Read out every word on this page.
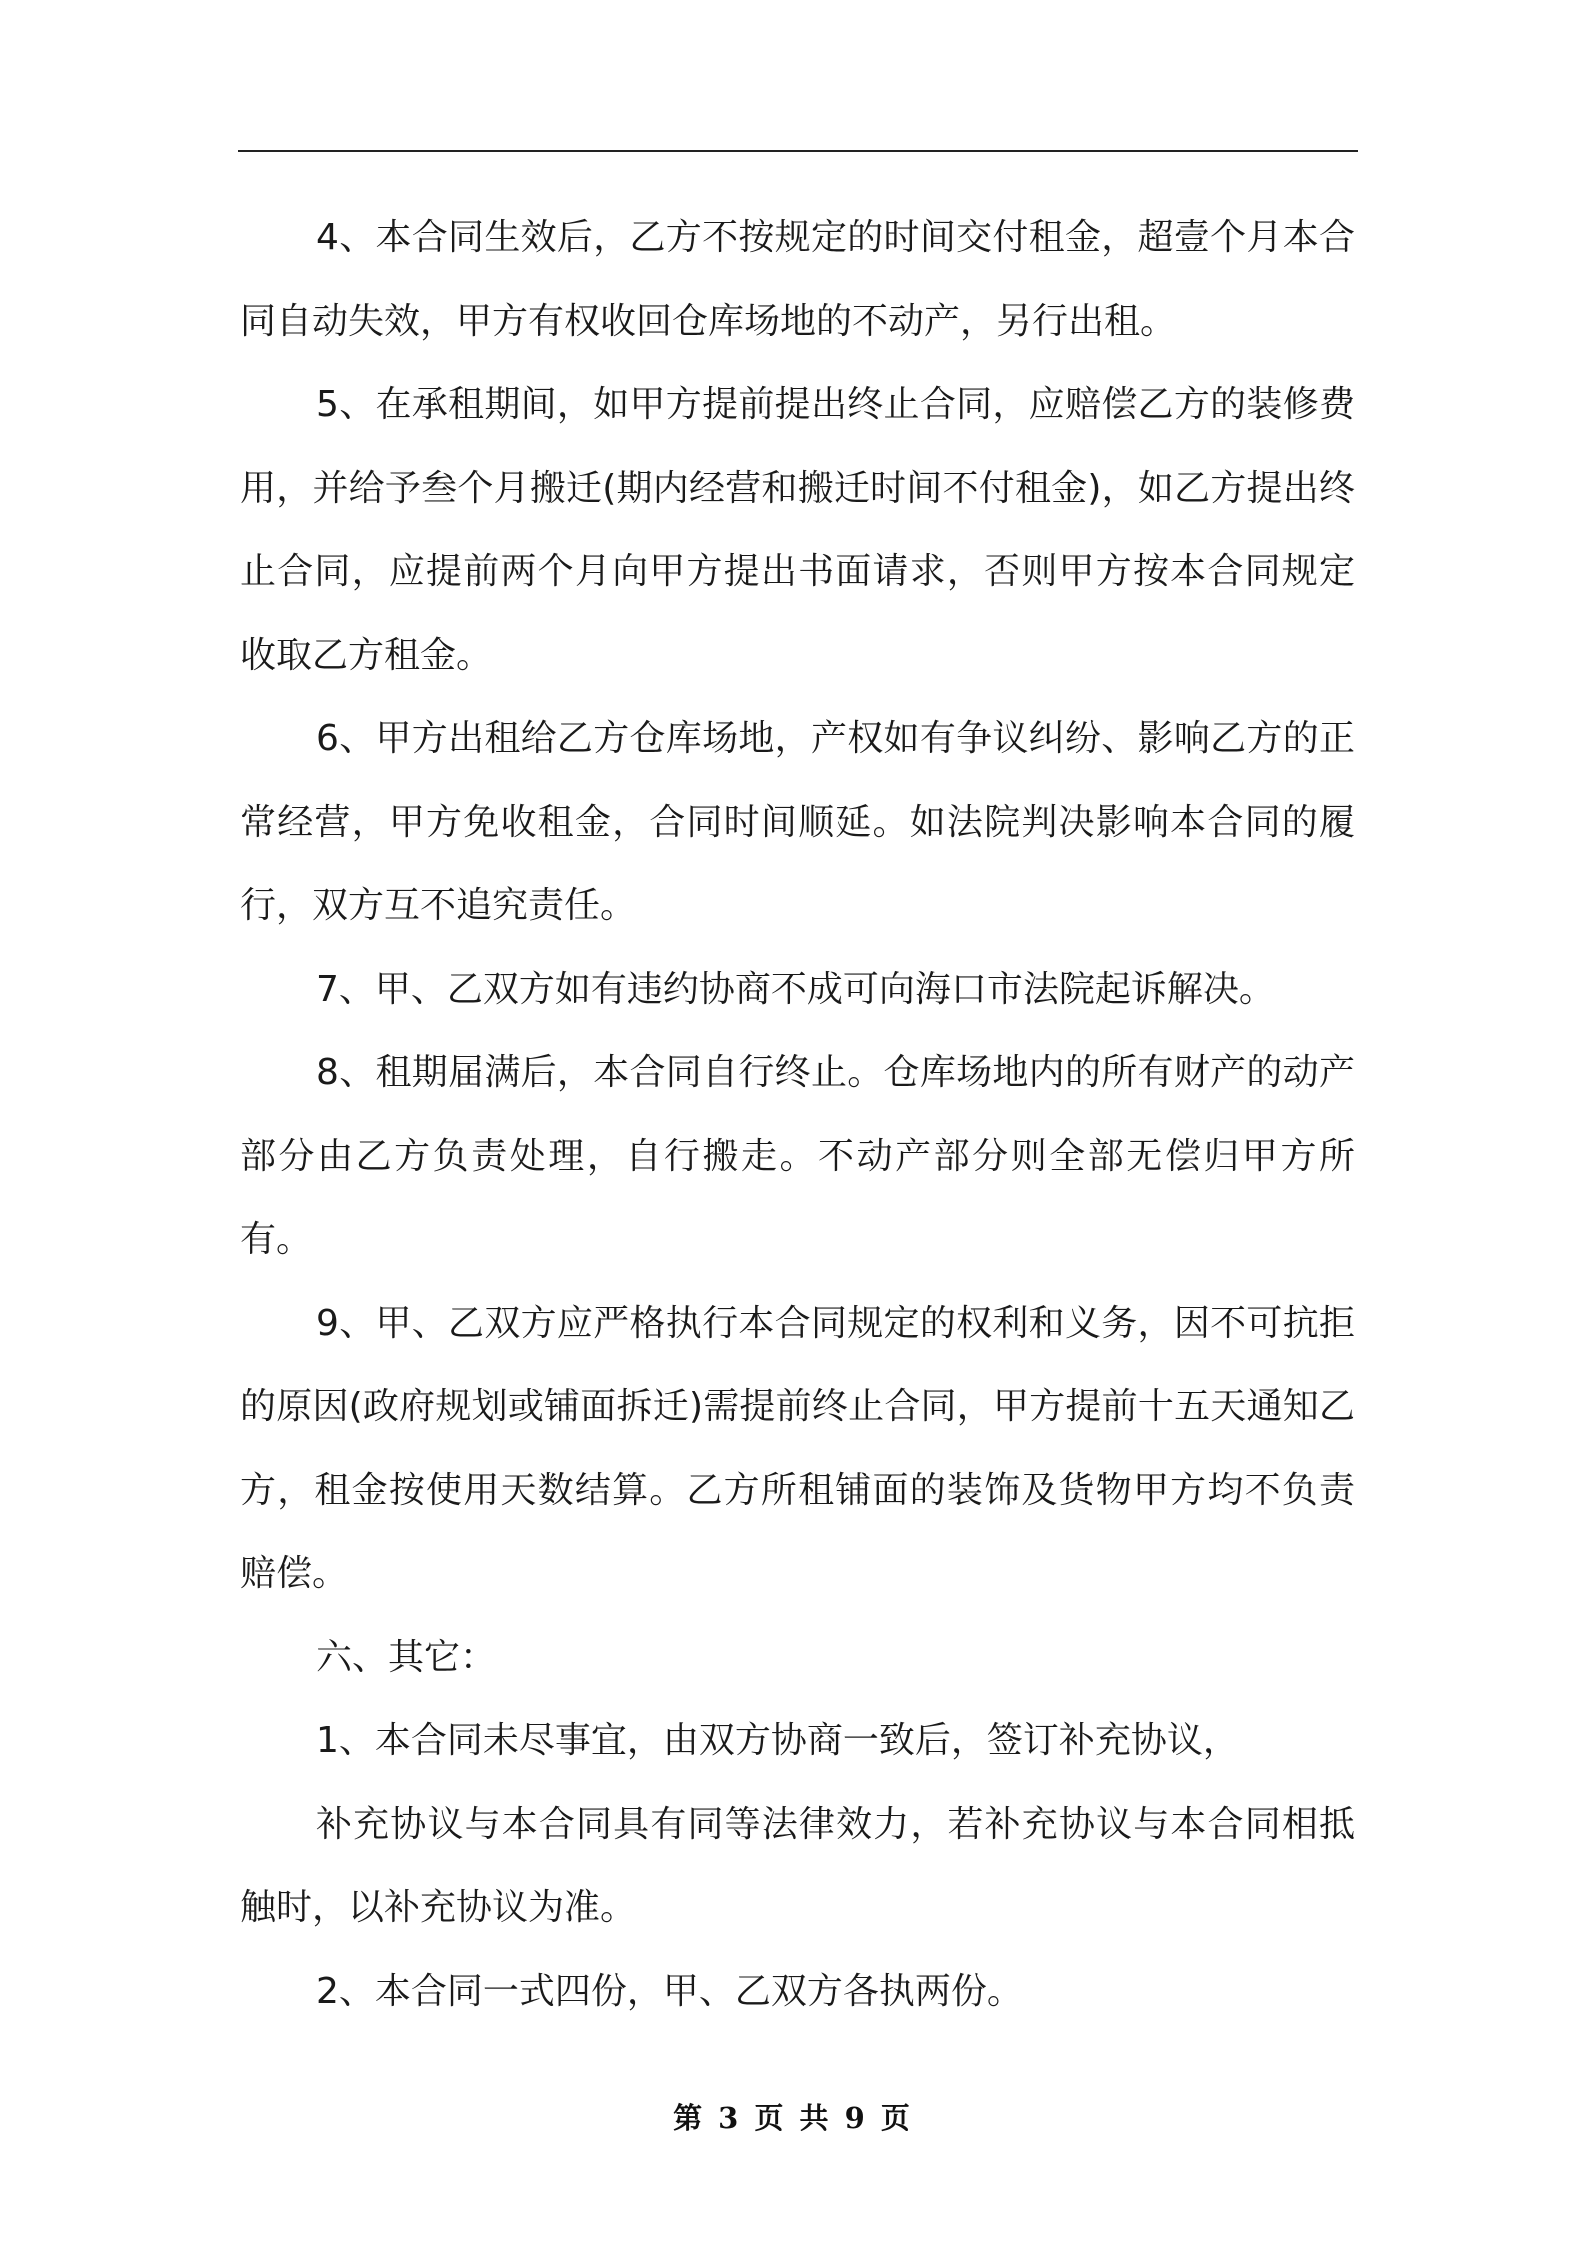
4、本合同生效后，乙方不按规定的时间交付租金，超壹个月本合同自动失效，甲方有权收回仓库场地的不动产，另行出租。

5、在承租期间，如甲方提前提出终止合同，应赔偿乙方的装修费用，并给予叁个月搬迁(期内经营和搬迁时间不付租金)，如乙方提出终止合同，应提前两个月向甲方提出书面请求，否则甲方按本合同规定收取乙方租金。

6、甲方出租给乙方仓库场地，产权如有争议纠纷、影响乙方的正常经营，甲方免收租金，合同时间顺延。如法院判决影响本合同的履行，双方互不追究责任。

7、甲、乙双方如有违约协商不成可向海口市法院起诉解决。

8、租期届满后，本合同自行终止。仓库场地内的所有财产的动产部分由乙方负责处理，自行搬走。不动产部分则全部无偿归甲方所有。

9、甲、乙双方应严格执行本合同规定的权利和义务，因不可抗拒的原因(政府规划或铺面拆迁)需提前终止合同，甲方提前十五天通知乙方，租金按使用天数结算。乙方所租铺面的装饰及货物甲方均不负责赔偿。

六、其它：

1、本合同未尽事宜，由双方协商一致后，签订补充协议，

补充协议与本合同具有同等法律效力，若补充协议与本合同相抵触时，以补充协议为准。

2、本合同一式四份，甲、乙双方各执两份。

第 3 页 共 9 页
